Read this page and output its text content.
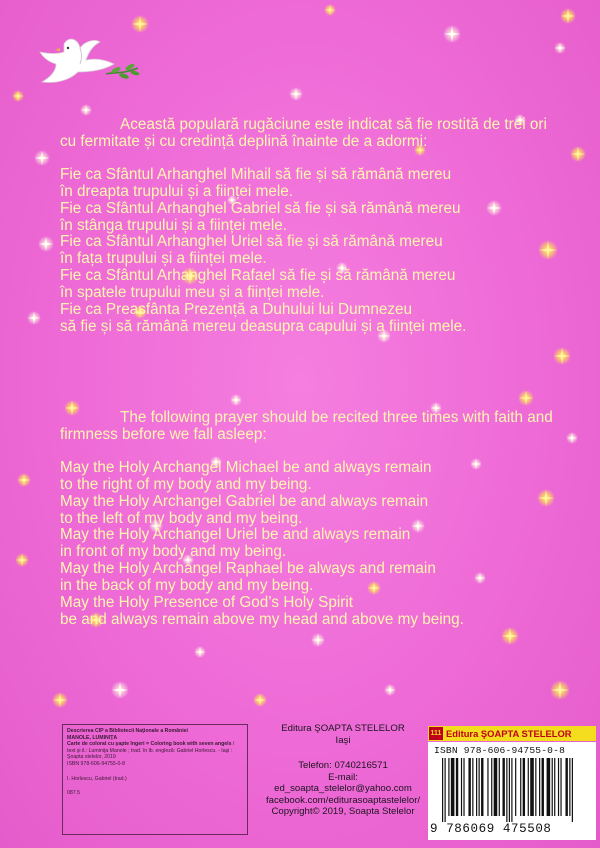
Această populară rugăciune este indicat să fie rostită de trei ori cu fermitate și cu credință deplină înainte de a adormi:

Fie ca Sfântul Arhanghel Mihail să fie și să rămână mereu

în dreapta trupului și a ființei mele.

Fie ca Sfântul Arhanghel Gabriel să fie și să rămână mereu

în stânga trupului și a ființei mele.

Fie ca Sfântul Arhanghel Uriel să fie și să rămână mereu

în fața trupului și a ființei mele.

Fie ca Sfântul Arhanghel Rafael să fie și să rămână mereu

în spatele trupului meu și a ființei mele.

Fie ca Preasfânta Prezență a Duhului lui Dumnezeu

să fie și să rămână mereu deasupra capului și a ființei mele.

The following prayer should be recited three times with faith and firmness before we fall asleep:

May the Holy Archangel Michael be and always remain

to the right of my body and my being.

May the Holy Archangel Gabriel be and always remain

to the left of my body and my being.

May the Holy Archangel Uriel be and always remain

in front of my body and my being.

May the Holy Archangel Raphael be always and remain

in the back of my body and my being.

May the Holy Presence of God’s Holy Spirit

be and always remain above my head and above my being.

Descrierea CIP a Bibliotecii Naţionale a României

MANOLE, LUMINIŢA

Carte de colorat cu şapte îngeri = Coloring book with seven angels / text şi il.: Luminiţa Manole ; trad. în lb. engleză: Gabriel Horlescu. - Iaşi : Şoapta stelelor, 2019

ISBN 978-606-94755-0-8

I. Horlescu, Gabriel (trad.)

087.5

Editura ŞOAPTA STELELOR

Iaşi

Telefon: 0740216571

E-mail: ed_soapta_stelelor@yahoo.com

facebook.com/editurasoaptastelelor/

Copyright© 2019, Soapta Stelelor

111 Editura ŞOAPTA STELELOR
ISBN 978-606-94755-0-8
9 786069 475508
